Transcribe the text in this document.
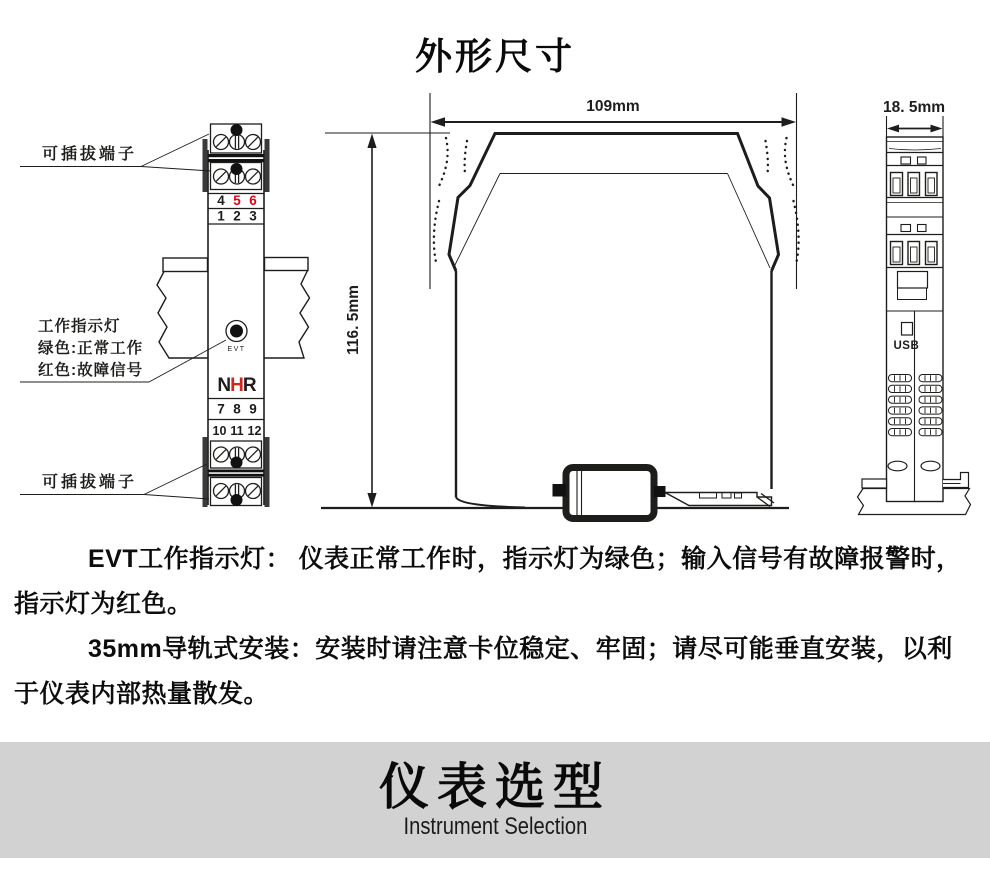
外形尺寸
4 5 6
1 2 3
EVT
NHR
7 8 9
10 11 12
可插拔端子
工作指示灯
绿色:正常工作
红色:故障信号
可插拔端子
116. 5mm
109mm	18. 5mm
USB
EVT工作指示灯： 仪表正常工作时，指示灯为绿色；输入信号有故障报警时，
指示灯为红色。
35mm导轨式安装：安装时请注意卡位稳定、牢固；请尽可能垂直安装，以利
于仪表内部热量散发。
仪表选型
Instrument Selection
